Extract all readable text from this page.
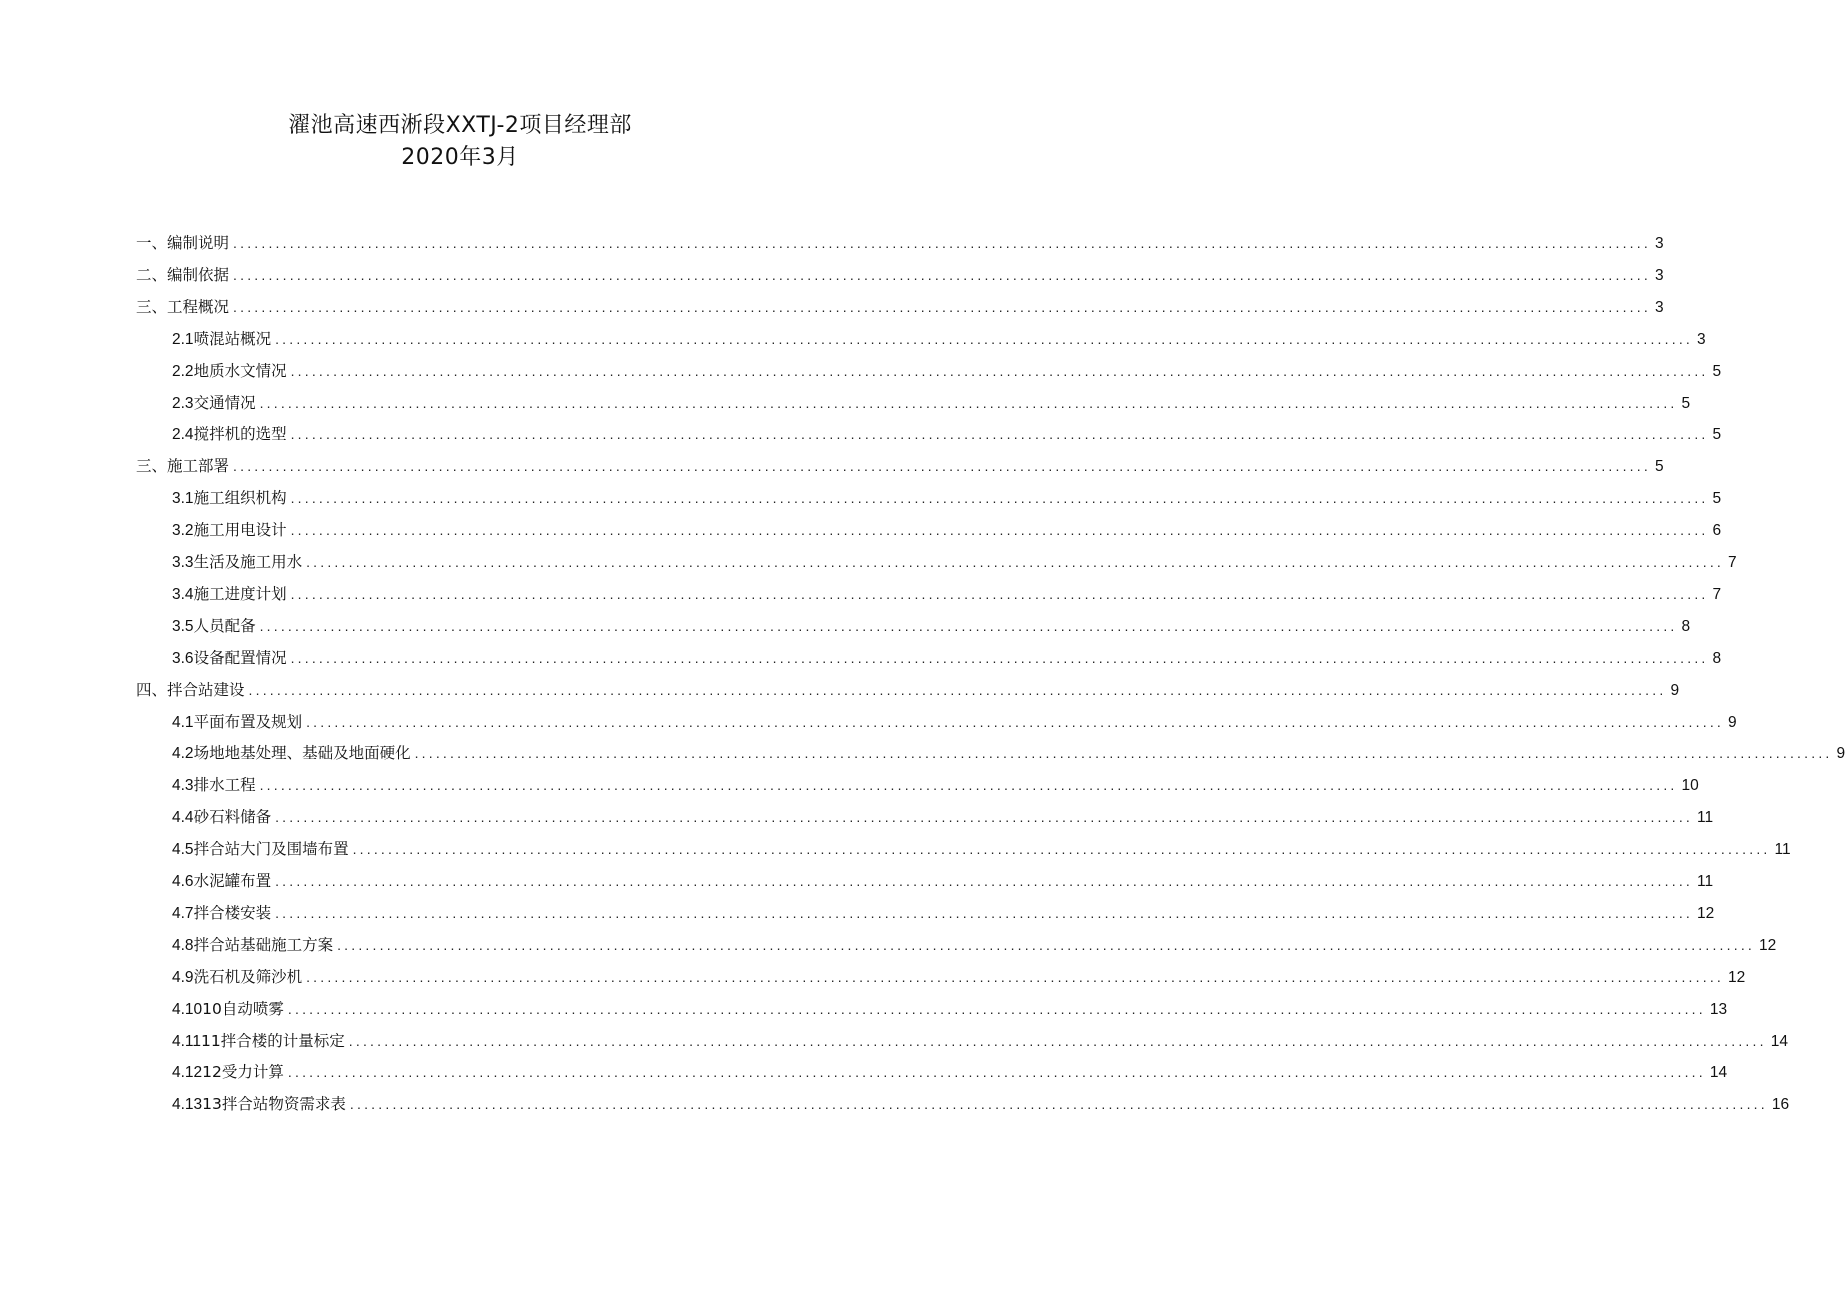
濯池高速西淅段XXTJ-2项目经理部
2020年3月
一、编制说明 ........................................................................................................................................................................................................ 3
二、编制依据 ........................................................................................................................................................................................................ 3
三、工程概况 ........................................................................................................................................................................................................ 3
2.1 喷混站概况 ........................................................................................................................................................................................................ 3
2.2 地质水文情况 ........................................................................................................................................................................................................ 5
2.3 交通情况 ........................................................................................................................................................................................................ 5
2.4 搅拌机的选型 ........................................................................................................................................................................................................ 5
三、施工部署 ........................................................................................................................................................................................................ 5
3.1 施工组织机构 ........................................................................................................................................................................................................ 5
3.2 施工用电设计 ........................................................................................................................................................................................................ 6
3.3 生活及施工用水 ........................................................................................................................................................................................................ 7
3.4 施工进度计划 ........................................................................................................................................................................................................ 7
3.5 人员配备 ........................................................................................................................................................................................................ 8
3.6 设备配置情况 ........................................................................................................................................................................................................ 8
四、拌合站建设 ........................................................................................................................................................................................................ 9
4.1 平面布置及规划 ........................................................................................................................................................................................................ 9
4.2 场地地基处理、基础及地面硬化 ........................................................................................................................................................................................................ 9
4.3 排水工程 ........................................................................................................................................................................................................ 10
4.4 砂石料储备 ........................................................................................................................................................................................................ 11
4.5 拌合站大门及围墙布置 ........................................................................................................................................................................................................ 11
4.6 水泥罐布置 ........................................................................................................................................................................................................ 11
4.7 拌合楼安装 ........................................................................................................................................................................................................ 12
4.8 拌合站基础施工方案 ........................................................................................................................................................................................................ 12
4.9 洗石机及筛沙机 ........................................................................................................................................................................................................ 12
4.10 10自动喷雾 ........................................................................................................................................................................................................ 13
4.11 11拌合楼的计量标定 ........................................................................................................................................................................................................ 14
4.12 12受力计算 ........................................................................................................................................................................................................ 14
4.13 13拌合站物资需求表 ........................................................................................................................................................................................................ 16
